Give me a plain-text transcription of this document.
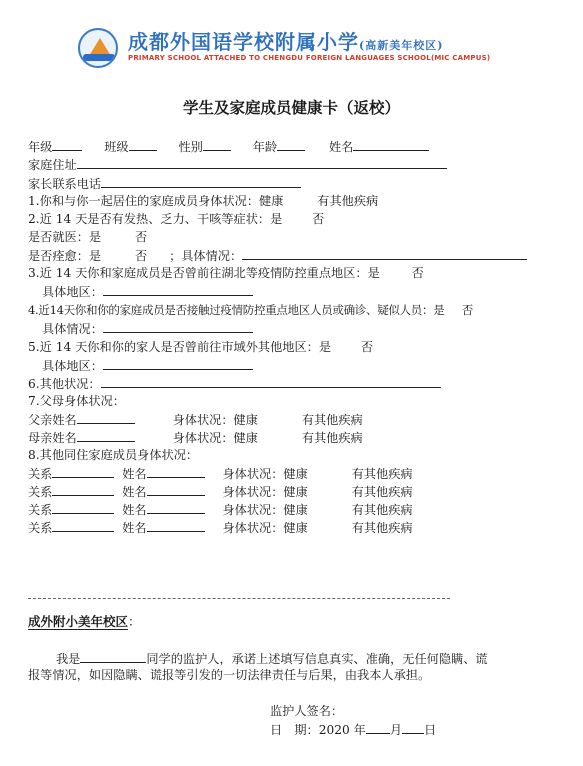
成都外国语学校附属小学(高新美年校区)
PRIMARY SCHOOL ATTACHED TO CHENGDU FOREIGN LANGUAGES SCHOOL(MIC CAMPUS)
学生及家庭成员健康卡（返校）
年级	班级	性别	年龄	姓名
家庭住址
家长联系电话
1.你和与你一起居住的家庭成员身体状况：健康	有其他疾病
2.近 14 天是否有发热、乏力、干咳等症状：是 否
是否就医：是	否
是否痊愈：是	否 ；具体情况：
3.近 14 天你和家庭成员是否曾前往湖北等疫情防控重点地区：是	否
具体地区：
4.近14天你和你的家庭成员是否接触过疫情防控重点地区人员或确诊、疑似人员：是 否
具体情况：
5.近 14 天你和你的家人是否曾前往市域外其他地区：是 否
具体地区：
6.其他状况：
7.父母身体状况：
父亲姓名	身体状况：健康	有其他疾病
母亲姓名	身体状况：健康	有其他疾病
8.其他同住家庭成员身体状况：
关系	姓名	身体状况：健康	有其他疾病
关系	姓名	身体状况：健康	有其他疾病
关系	姓名	身体状况：健康	有其他疾病
关系	姓名	身体状况：健康	有其他疾病
成外附小美年校区：
我是	同学的监护人，承诺上述填写信息真实、准确，无任何隐瞒、谎
报等情况，如因隐瞒、谎报等引发的一切法律责任与后果，由我本人承担。
监护人签名：
日　期：2020 年 月 日
